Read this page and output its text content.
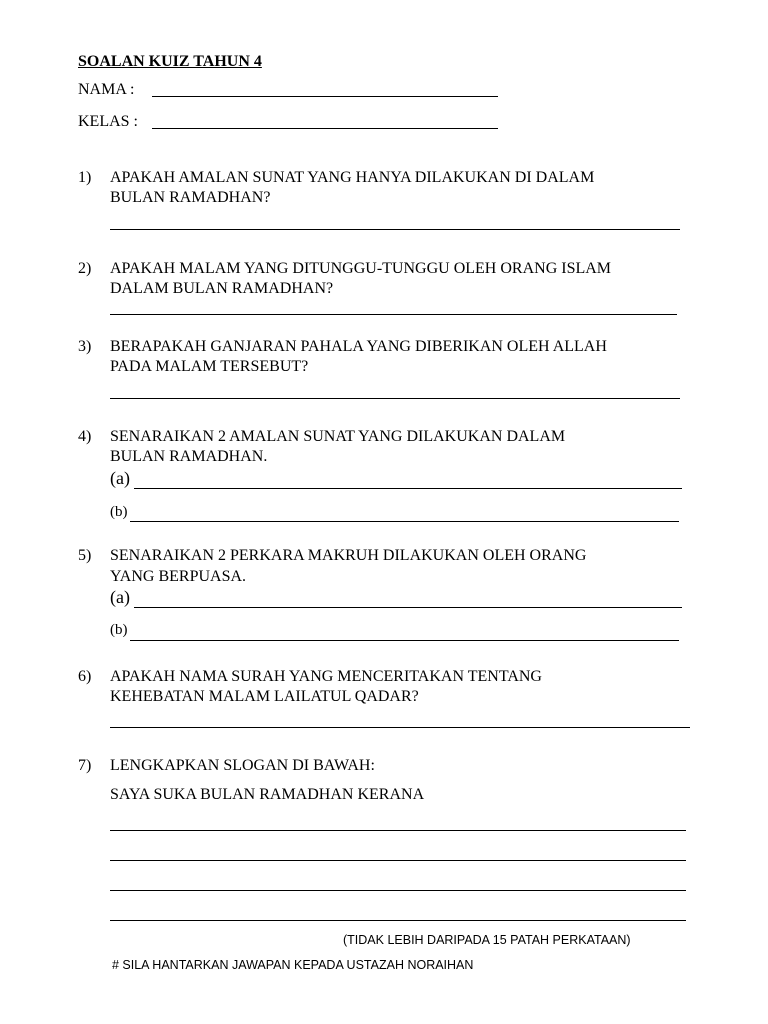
SOALAN KUIZ TAHUN 4
NAMA :
KELAS :
1) APAKAH AMALAN SUNAT YANG HANYA DILAKUKAN DI DALAM
BULAN RAMADHAN?
2) APAKAH MALAM YANG DITUNGGU-TUNGGU OLEH ORANG ISLAM
DALAM BULAN RAMADHAN?
3) BERAPAKAH GANJARAN PAHALA YANG DIBERIKAN OLEH ALLAH
PADA MALAM TERSEBUT?
4) SENARAIKAN 2 AMALAN SUNAT YANG DILAKUKAN DALAM
BULAN RAMADHAN.
(a)
(b)
5) SENARAIKAN 2 PERKARA MAKRUH DILAKUKAN OLEH ORANG
YANG BERPUASA.
(a)
(b)
6) APAKAH NAMA SURAH YANG MENCERITAKAN TENTANG
KEHEBATAN MALAM LAILATUL QADAR?
7) LENGKAPKAN SLOGAN DI BAWAH:
SAYA SUKA BULAN RAMADHAN KERANA
(TIDAK LEBIH DARIPADA 15 PATAH PERKATAAN)
# SILA HANTARKAN JAWAPAN KEPADA USTAZAH NORAIHAN
